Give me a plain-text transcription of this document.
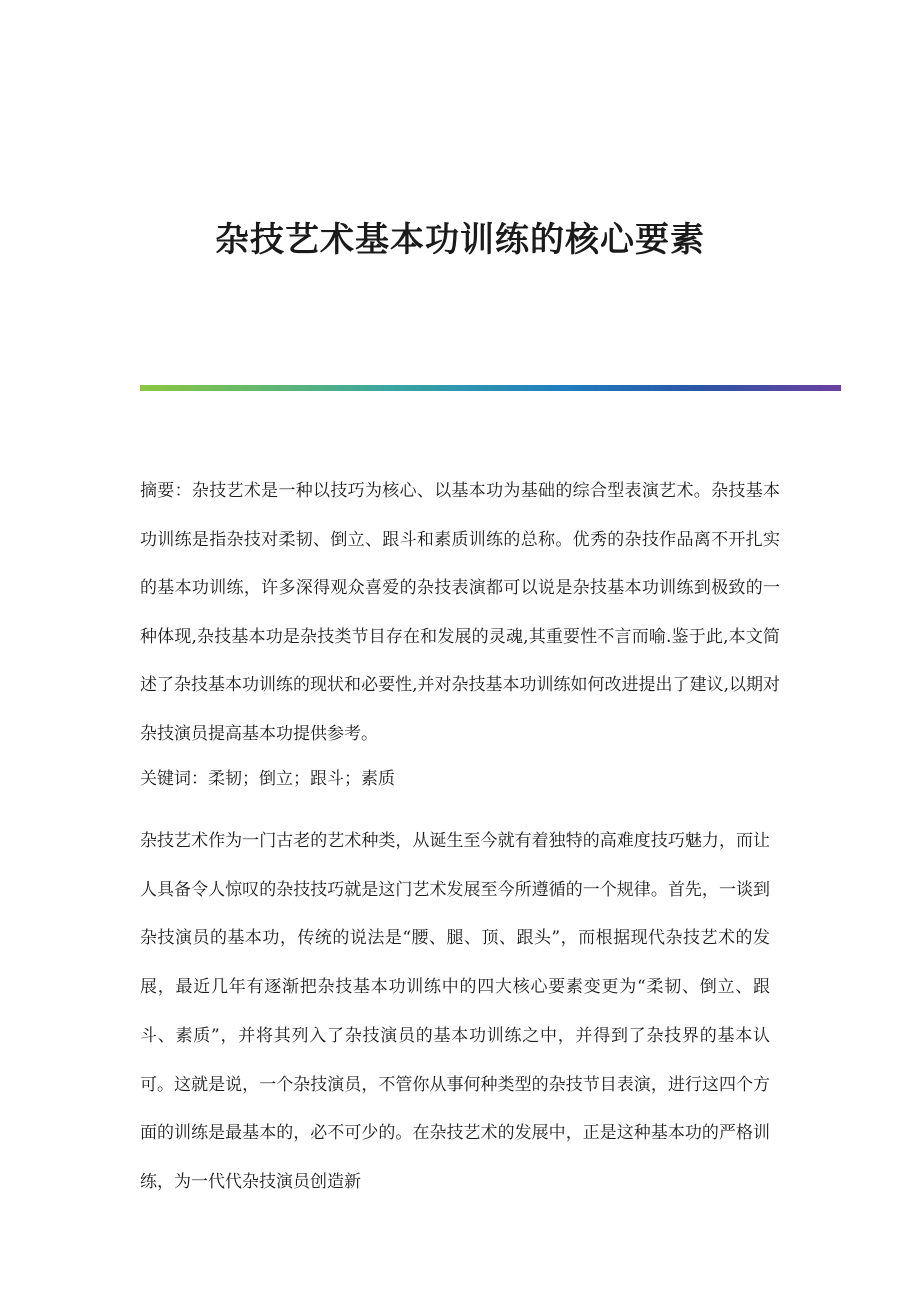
杂技艺术基本功训练的核心要素

摘要：杂技艺术是一种以技巧为核心、以基本功为基础的综合型表演艺术。杂技基本功训练是指杂技对柔韧、倒立、跟斗和素质训练的总称。优秀的杂技作品离不开扎实的基本功训练，许多深得观众喜爱的杂技表演都可以说是杂技基本功训练到极致的一种体现,杂技基本功是杂技类节目存在和发展的灵魂,其重要性不言而喻.鉴于此,本文简述了杂技基本功训练的现状和必要性,并对杂技基本功训练如何改进提出了建议,以期对杂技演员提高基本功提供参考。

关键词：柔韧；倒立；跟斗；素质

杂技艺术作为一门古老的艺术种类，从诞生至今就有着独特的高难度技巧魅力，而让人具备令人惊叹的杂技技巧就是这门艺术发展至今所遵循的一个规律。首先，一谈到杂技演员的基本功，传统的说法是“腰、腿、顶、跟头”，而根据现代杂技艺术的发展，最近几年有逐渐把杂技基本功训练中的四大核心要素变更为“柔韧、倒立、跟斗、素质”，并将其列入了杂技演员的基本功训练之中，并得到了杂技界的基本认可。这就是说，一个杂技演员，不管你从事何种类型的杂技节目表演，进行这四个方面的训练是最基本的，必不可少的。在杂技艺术的发展中，正是这种基本功的严格训练，为一代代杂技演员创造新
